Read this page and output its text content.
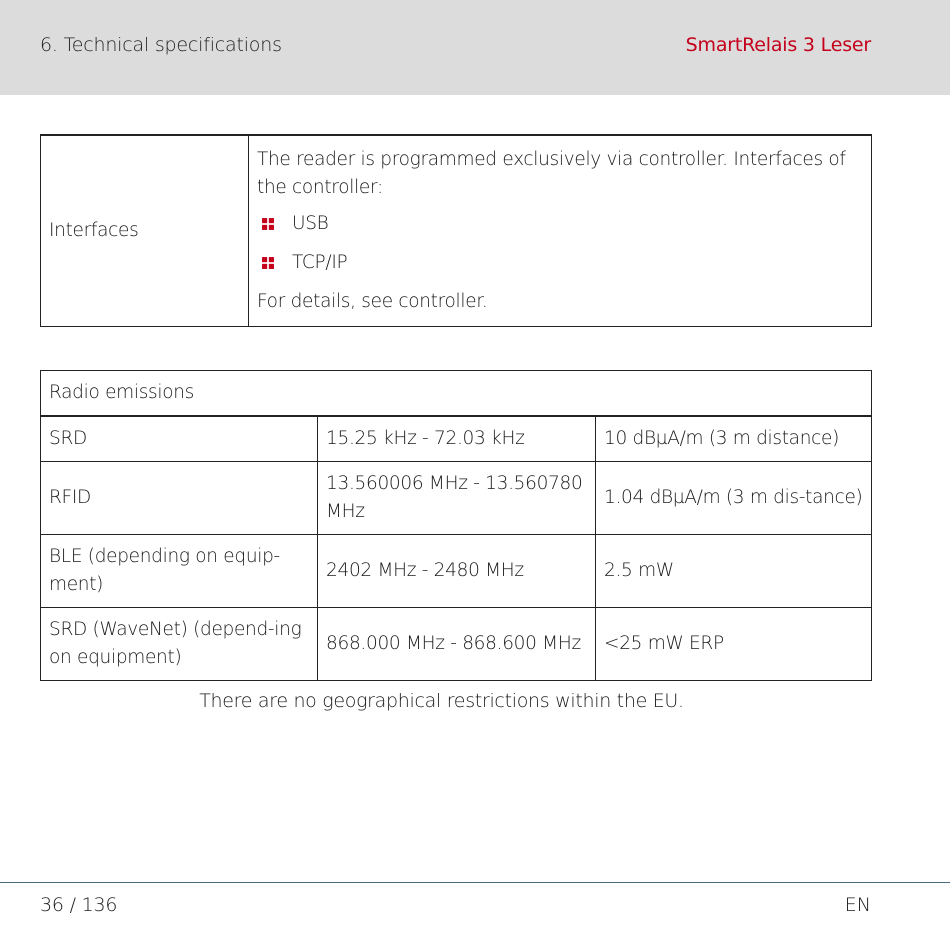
6. Technical specifications	SmartRelais 3 Leser
Interfaces	

The reader is programmed exclusively via controller. Interfaces of the controller:

USB
TCP/IP

For details, see controller.

Radio emissions		
SRD	15.25 kHz - 72.03 kHz	10 dBµA/m (3 m distance)
RFID	13.560006 MHz - 13.560780 MHz	1.04 dBµA/m (3 m dis-tance)
BLE (depending on equip-ment)	2402 MHz - 2480 MHz	2.5 mW
SRD (WaveNet) (depend-ing on equipment)	868.000 MHz - 868.600 MHz	<25 mW ERP
There are no geographical restrictions within the EU.
36 / 136	EN
